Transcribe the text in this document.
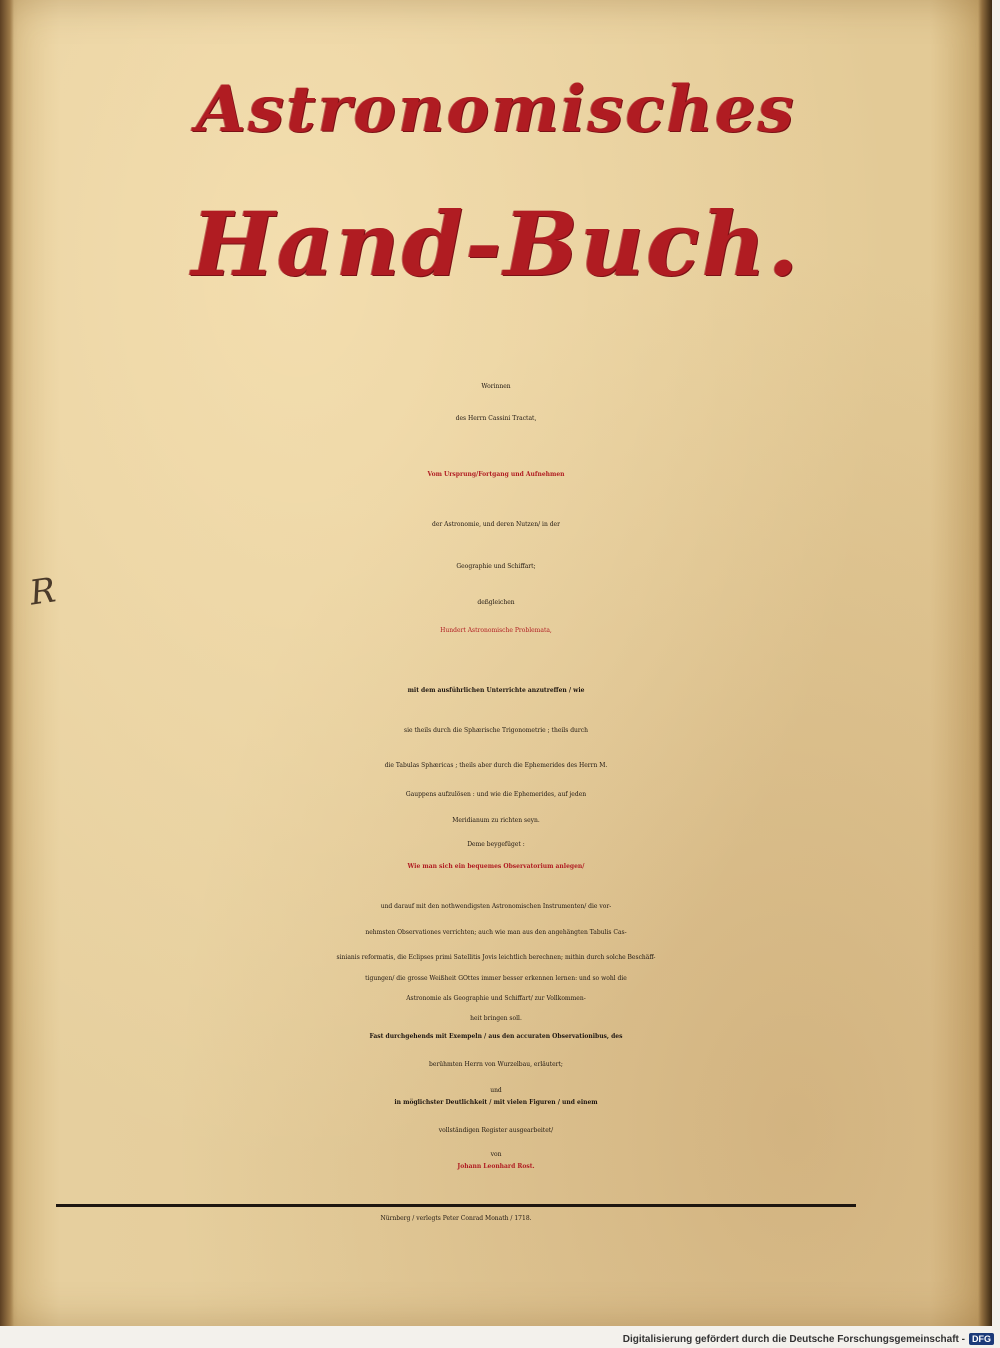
Astronomisches
Hand-Buch.
Worinnen
des Herrn Cassini Tractat,
Vom Ursprung/Fortgang und Aufnehmen
der Astronomie, und deren Nutzen/ in der
Geographie und Schiffart;
deßgleichen
Hundert Astronomische Problemata,
mit dem ausführlichen Unterrichte anzutreffen / wie
sie theils durch die Sphærische Trigonometrie ; theils durch
die Tabulas Sphæricas ; theils aber durch die Ephemerides des Herrn M.
Gauppens aufzulösen : und wie die Ephemerides, auf jeden
Meridianum zu richten seyn.
Deme beygefüget :
Wie man sich ein bequemes Observatorium anlegen/
und darauf mit den nothwendigsten Astronomischen Instrumenten/ die vor-
nehmsten Observationes verrichten; auch wie man aus den angehängten Tabulis Cas-
sinianis reformatis, die Eclipses primi Satellitis Jovis leichtlich berechnen; mithin durch solche Beschäff-
tigungen/ die grosse Weißheit GOttes immer besser erkennen lernen: und so wohl die
Astronomie als Geographie und Schiffart/ zur Vollkommen-
heit bringen soll.
Fast durchgehends mit Exempeln / aus den accuraten Observationibus, des
berühmten Herrn von Wurzelbau, erläutert;
und
in möglichster Deutlichkeit / mit vielen Figuren / und einem
vollständigen Register ausgearbeitet/
von
Johann Leonhard Rost.
Nürnberg / verlegts Peter Conrad Monath / 1718.
R
Digitalisierung gefördert durch die Deutsche Forschungsgemeinschaft - DFG
